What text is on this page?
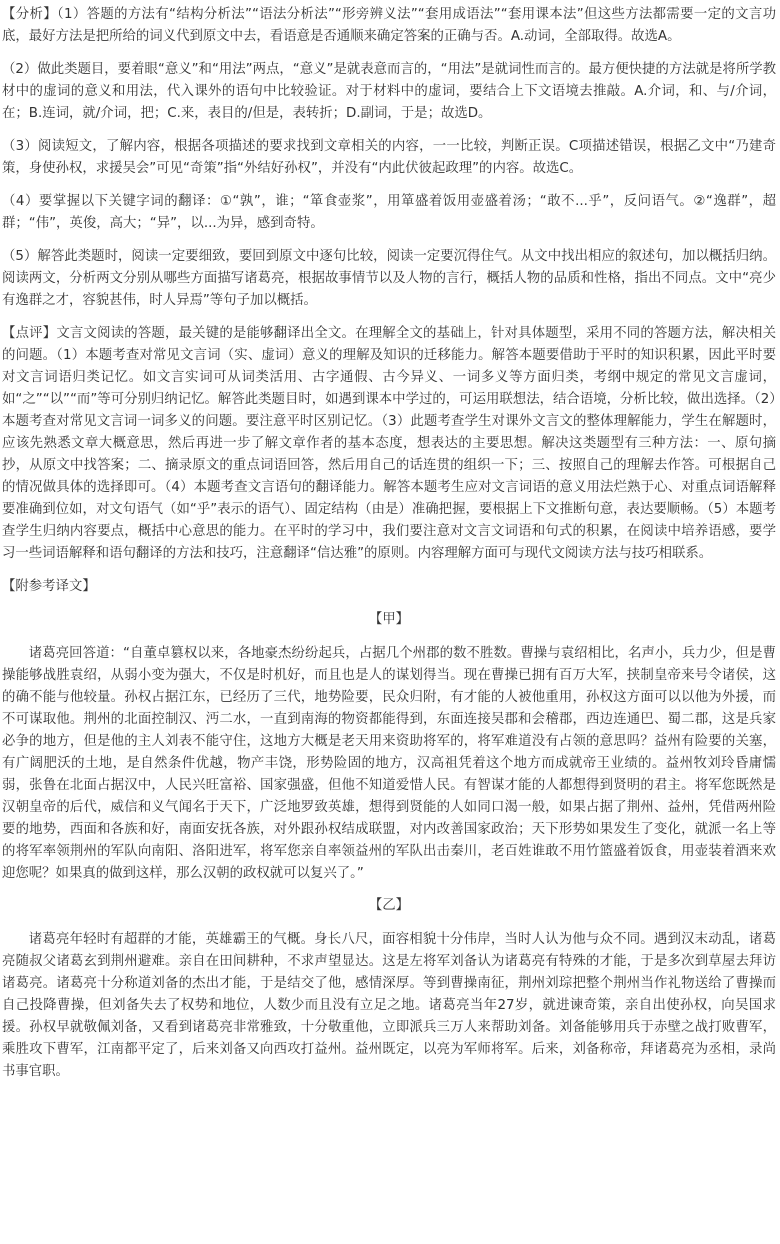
【分析】（1）答题的方法有“结构分析法”“语法分析法”“形旁辨义法”“套用成语法”“套用课本法”但这些方法都需要一定的文言功底，最好方法是把所给的词义代到原文中去，看语意是否通顺来确定答案的正确与否。A.动词，全部取得。故选A。

（2）做此类题目，要着眼“意义”和“用法”两点，“意义”是就表意而言的，“用法”是就词性而言的。最方便快捷的方法就是将所学教材中的虚词的意义和用法，代入课外的语句中比较验证。对于材料中的虚词，要结合上下文语境去推敲。A.介词，和、与/介词，在；B.连词，就/介词，把；C.来，表目的/但是，表转折；D.副词，于是；故选D。

（3）阅读短文，了解内容，根据各项描述的要求找到文章相关的内容，一一比较，判断正误。C项描述错误，根据乙文中“乃建奇策，身使孙权，求援吴会”可见“奇策”指“外结好孙权”，并没有“内此伏彼起政理”的内容。故选C。

（4）要掌握以下关键字词的翻译：①“孰”，谁；“箪食壶浆”，用箪盛着饭用壶盛着汤；“敢不...乎”，反问语气。②“逸群”，超群；“伟”，英俊，高大；“异”，以...为异，感到奇特。

（5）解答此类题时，阅读一定要细致，要回到原文中逐句比较，阅读一定要沉得住气。从文中找出相应的叙述句，加以概括归纳。阅读两文，分析两文分别从哪些方面描写诸葛亮，根据故事情节以及人物的言行，概括人物的品质和性格，指出不同点。文中“亮少有逸群之才，容貌甚伟，时人异焉”等句子加以概括。

【点评】文言文阅读的答题，最关键的是能够翻译出全文。在理解全文的基础上，针对具体题型，采用不同的答题方法，解决相关的问题。（1）本题考查对常见文言词（实、虚词）意义的理解及知识的迁移能力。解答本题要借助于平时的知识积累，因此平时要对文言词语归类记忆。如文言实词可从词类活用、古字通假、古今异义、一词多义等方面归类，考纲中规定的常见文言虚词，如“之”“以”“而”等可分别归纳记忆。解答此类题目时，如遇到课本中学过的，可运用联想法，结合语境，分析比较，做出选择。（2）本题考查对常见文言词一词多义的问题。要注意平时区别记忆。（3）此题考查学生对课外文言文的整体理解能力，学生在解题时，应该先熟悉文章大概意思，然后再进一步了解文章作者的基本态度，想表达的主要思想。解决这类题型有三种方法：一、原句摘抄，从原文中找答案；二、摘录原文的重点词语回答，然后用自己的话连贯的组织一下；三、按照自己的理解去作答。可根据自己的情况做具体的选择即可。（4）本题考查文言语句的翻译能力。解答本题考生应对文言词语的意义用法烂熟于心、对重点词语解释要准确到位如，对文句语气（如“乎”表示的语气）、固定结构（由是）准确把握，要根据上下文推断句意，表达要顺畅。（5）本题考查学生归纳内容要点，概括中心意思的能力。在平时的学习中，我们要注意对文言文词语和句式的积累，在阅读中培养语感，要学习一些词语解释和语句翻译的方法和技巧，注意翻译“信达雅”的原则。内容理解方面可与现代文阅读方法与技巧相联系。

【附参考译文】

【甲】

诸葛亮回答道：“自董卓篡权以来，各地豪杰纷纷起兵，占据几个州郡的数不胜数。曹操与袁绍相比，名声小，兵力少，但是曹操能够战胜袁绍，从弱小变为强大，不仅是时机好，而且也是人的谋划得当。现在曹操已拥有百万大军，挟制皇帝来号令诸侯，这的确不能与他较量。孙权占据江东，已经历了三代，地势险要，民众归附，有才能的人被他重用，孙权这方面可以以他为外援，而不可谋取他。荆州的北面控制汉、沔二水，一直到南海的物资都能得到，东面连接吴郡和会稽郡，西边连通巴、蜀二郡，这是兵家必争的地方，但是他的主人刘表不能守住，这地方大概是老天用来资助将军的，将军难道没有占领的意思吗？益州有险要的关塞，有广阔肥沃的土地，是自然条件优越，物产丰饶，形势险固的地方，汉高祖凭着这个地方而成就帝王业绩的。益州牧刘玲昏庸懦弱，张鲁在北面占据汉中，人民兴旺富裕、国家强盛，但他不知道爱惜人民。有智谋才能的人都想得到贤明的君主。将军您既然是汉朝皇帝的后代，威信和义气闻名于天下，广泛地罗致英雄，想得到贤能的人如同口渴一般，如果占据了荆州、益州，凭借两州险要的地势，西面和各族和好，南面安抚各族，对外跟孙权结成联盟，对内改善国家政治；天下形势如果发生了变化，就派一名上等的将军率领荆州的军队向南阳、洛阳进军，将军您亲自率领益州的军队出击秦川，老百姓谁敢不用竹篮盛着饭食，用壶装着酒来欢迎您呢？如果真的做到这样，那么汉朝的政权就可以复兴了。”

【乙】

诸葛亮年轻时有超群的才能，英雄霸王的气概。身长八尺，面容相貌十分伟岸，当时人认为他与众不同。遇到汉末动乱，诸葛亮随叔父诸葛玄到荆州避难。亲自在田间耕种，不求声望显达。这是左将军刘备认为诸葛亮有特殊的才能，于是多次到草屋去拜访诸葛亮。诸葛亮十分称道刘备的杰出才能，于是结交了他，感情深厚。等到曹操南征，荆州刘琮把整个荆州当作礼物送给了曹操而自己投降曹操，但刘备失去了权势和地位，人数少而且没有立足之地。诸葛亮当年27岁，就进谏奇策，亲自出使孙权，向吴国求援。孙权早就敬佩刘备，又看到诸葛亮非常雅致，十分敬重他，立即派兵三万人来帮助刘备。刘备能够用兵于赤壁之战打败曹军，乘胜攻下曹军，江南都平定了，后来刘备又向西攻打益州。益州既定，以亮为军师将军。后来，刘备称帝，拜诸葛亮为丞相，录尚书事官职。
